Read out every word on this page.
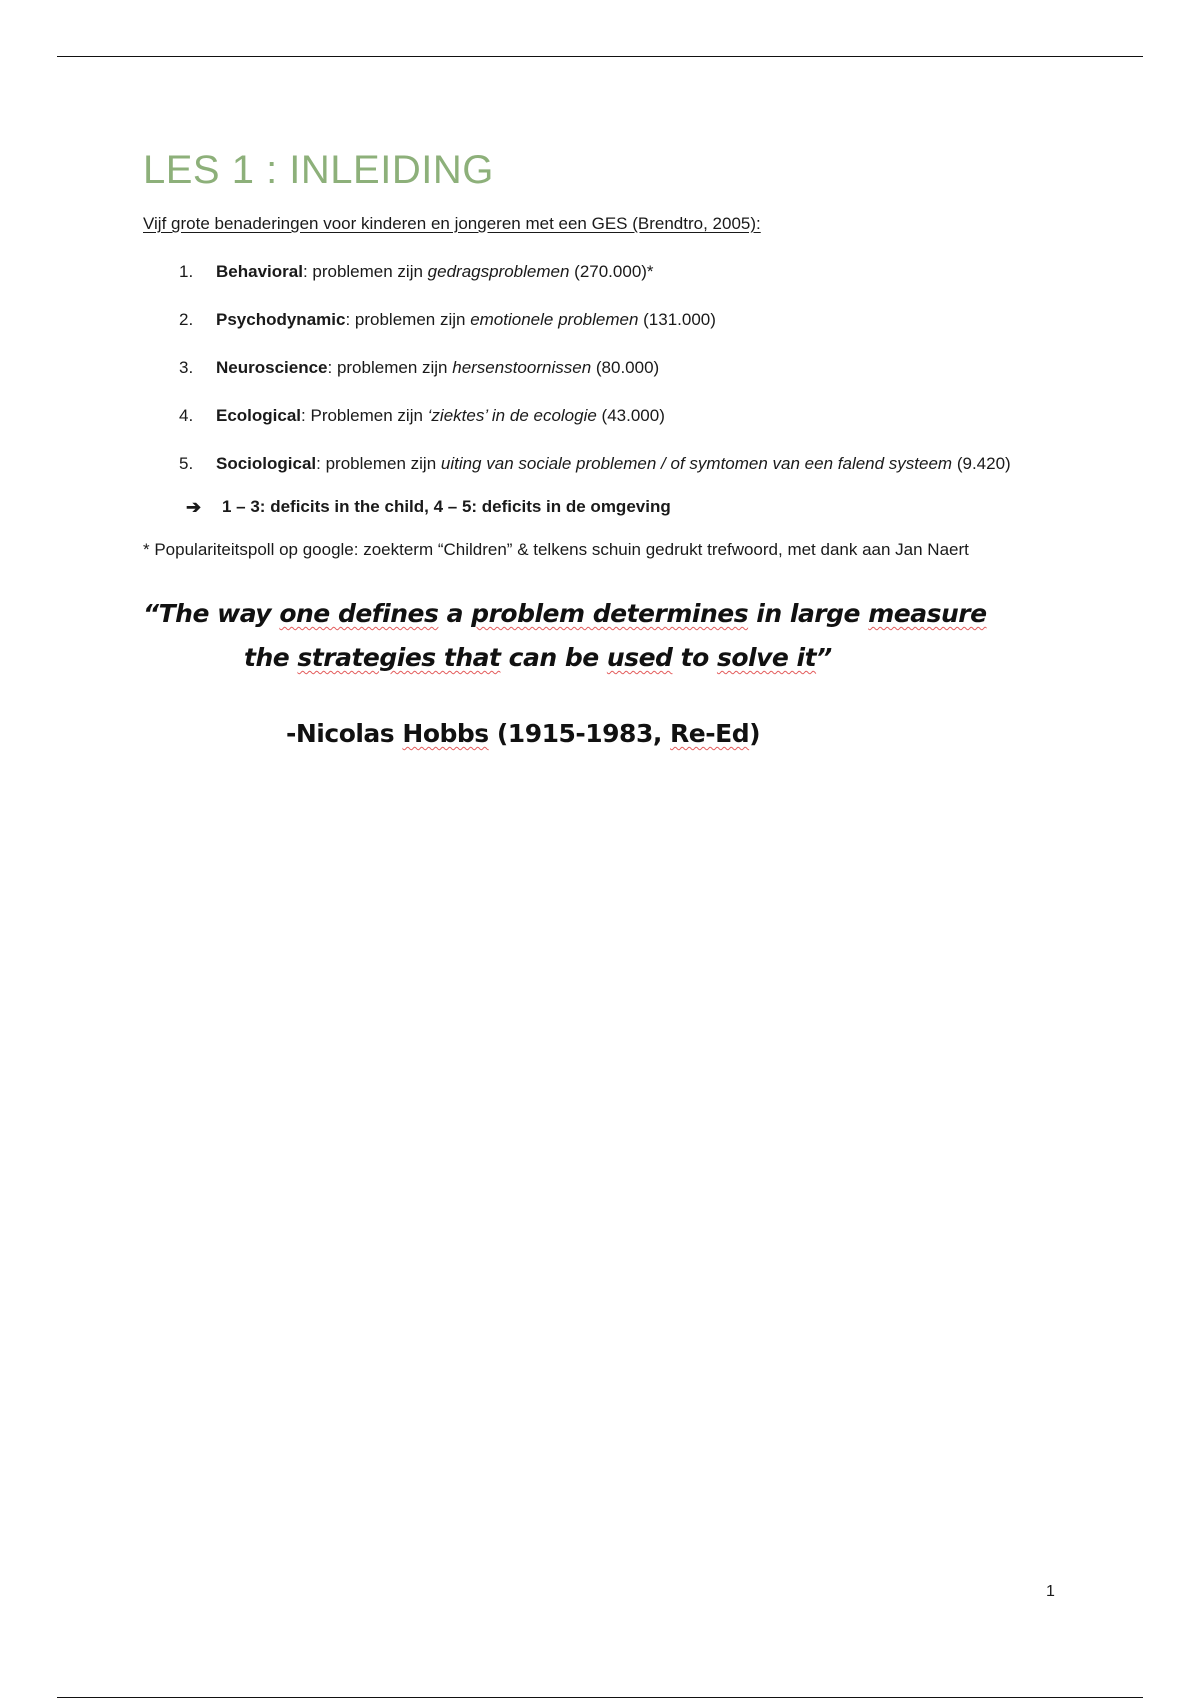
LES 1 : INLEIDING

Vijf grote benaderingen voor kinderen en jongeren met een GES (Brendtro, 2005):

1. Behavioral: problemen zijn gedragsproblemen (270.000)*
2. Psychodynamic: problemen zijn emotionele problemen (131.000)
3. Neuroscience: problemen zijn hersenstoornissen (80.000)
4. Ecological: Problemen zijn ‘ziektes’ in de ecologie (43.000)
5. Sociological: problemen zijn uiting van sociale problemen / of symtomen van een falend systeem (9.420)
➔ 1 – 3: deficits in the child, 4 – 5: deficits in de omgeving

* Populariteitspoll op google: zoekterm “Children” & telkens schuin gedrukt trefwoord, met dank aan Jan Naert

“The way one defines a problem determines in large measure
the strategies that can be used to solve it”
-Nicolas Hobbs (1915-1983, Re-Ed)
1
